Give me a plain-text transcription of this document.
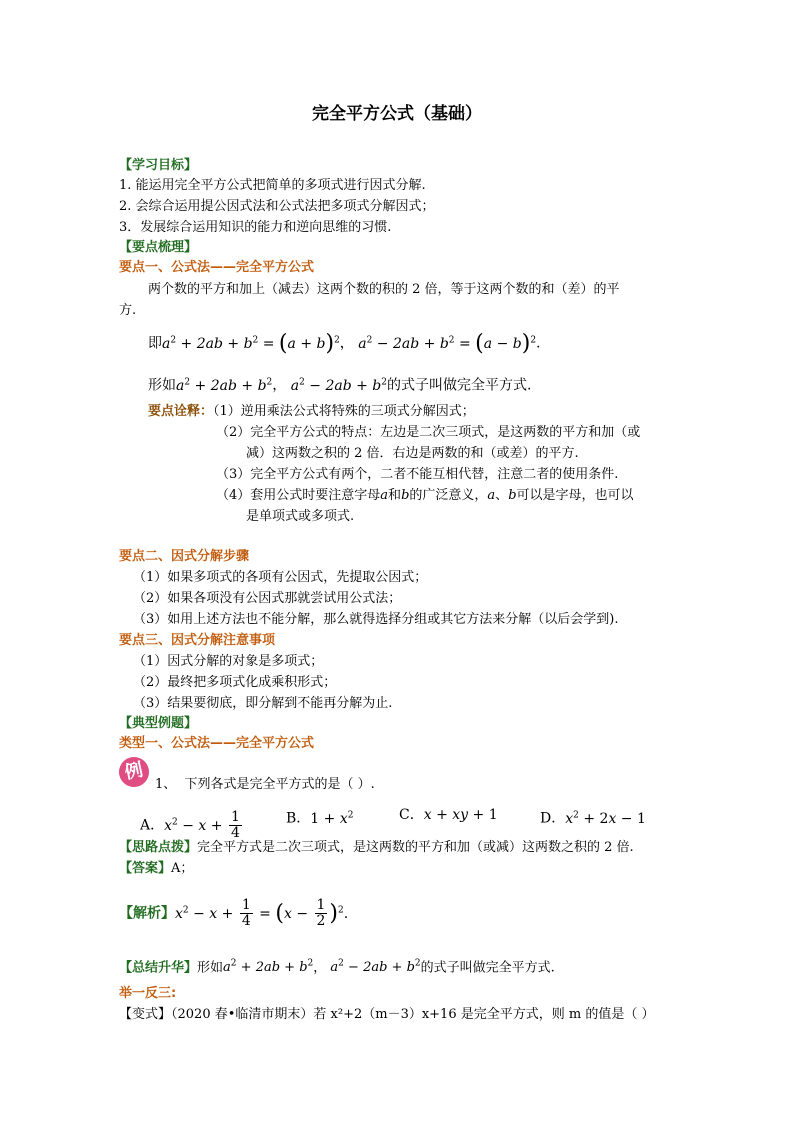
完全平方公式（基础）
【学习目标】
1. 能运用完全平方公式把简单的多项式进行因式分解.
2. 会综合运用提公因式法和公式法把多项式分解因式；
3．发展综合运用知识的能力和逆向思维的习惯.
【要点梳理】
要点一、公式法——完全平方公式
两个数的平方和加上（减去）这两个数的积的 2 倍，等于这两个数的和（差）的平
方.
即$a^2 + 2ab + b^2 = (a + b)^2$， $a^2 - 2ab + b^2 = (a - b)^2$.
形如$a^2 + 2ab + b^2$， $a^2 - 2ab + b^2$的式子叫做完全平方式.
要点诠释：（1）逆用乘法公式将特殊的三项式分解因式；
（2）完全平方公式的特点：左边是二次三项式，是这两数的平方和加（或
减）这两数之积的 2 倍．右边是两数的和（或差）的平方.
（3）完全平方公式有两个，二者不能互相代替，注意二者的使用条件.
（4）套用公式时要注意字母a和b的广泛意义，a、b可以是字母，也可以
是单项式或多项式.
要点二、因式分解步骤
（1）如果多项式的各项有公因式，先提取公因式；
（2）如果各项没有公因式那就尝试用公式法；
（3）如用上述方法也不能分解，那么就得选择分组或其它方法来分解（以后会学到).
要点三、因式分解注意事项
（1）因式分解的对象是多项式；
（2）最终把多项式化成乘积形式；
（3）结果要彻底，即分解到不能再分解为止.
【典型例题】
类型一、公式法——完全平方公式
例
1、 下列各式是完全平方式的是（ ）.
A．$x^2 - x + \frac{1}{4}$	B．$1 + x^2$	C．x + xy + 1	D．$x^2 + 2x - 1$
【思路点拨】完全平方式是二次三项式，是这两数的平方和加（或减）这两数之积的 2 倍.
【答案】A；
【解析】$x^2 - x + \frac{1}{4} = (x - \frac{1}{2} )^2$.
【总结升华】形如$a^2 + 2ab + b^2$， $a^2 - 2ab + b^2$的式子叫做完全平方式.
举一反三:
【变式】（2020 春•临清市期末）若 x²+2（m－3）x+16 是完全平方式，则 m 的值是（ ）
